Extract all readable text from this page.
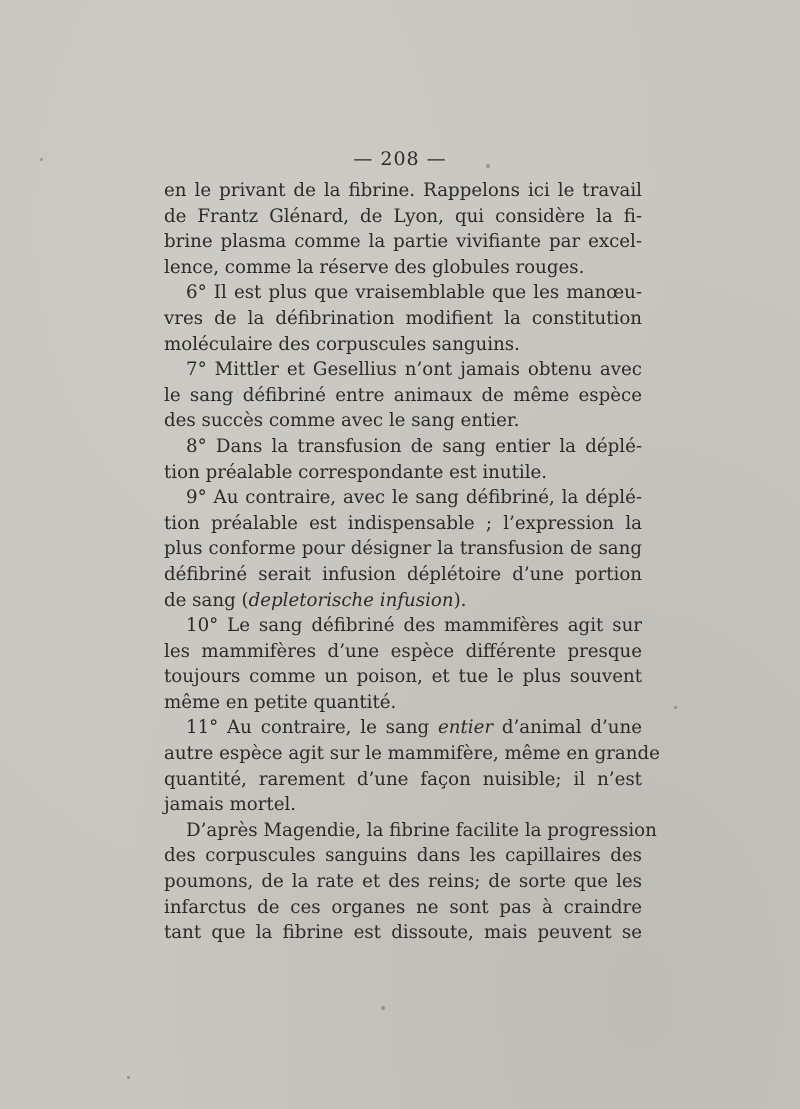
— 208 —
en le privant de la fibrine. Rappelons ici le travail
de Frantz Glénard, de Lyon, qui considère la fi-
brine plasma comme la partie vivifiante par excel-
lence, comme la réserve des globules rouges.
6° Il est plus que vraisemblable que les manœu-
vres de la défibrination modifient la constitution
moléculaire des corpuscules sanguins.
7° Mittler et Gesellius n’ont jamais obtenu avec
le sang défibriné entre animaux de même espèce
des succès comme avec le sang entier.
8° Dans la transfusion de sang entier la déplé-
tion préalable correspondante est inutile.
9° Au contraire, avec le sang défibriné, la déplé-
tion préalable est indispensable ; l’expression la
plus conforme pour désigner la transfusion de sang
défibriné serait infusion déplétoire d’une portion
de sang (depletorische infusion).
10° Le sang défibriné des mammifères agit sur
les mammifères d’une espèce différente presque
toujours comme un poison, et tue le plus souvent
même en petite quantité.
11° Au contraire, le sang entier d’animal d’une
autre espèce agit sur le mammifère, même en grande
quantité, rarement d’une façon nuisible; il n’est
jamais mortel.
D’après Magendie, la fibrine facilite la progression
des corpuscules sanguins dans les capillaires des
poumons, de la rate et des reins; de sorte que les
infarctus de ces organes ne sont pas à craindre
tant que la fibrine est dissoute, mais peuvent se
